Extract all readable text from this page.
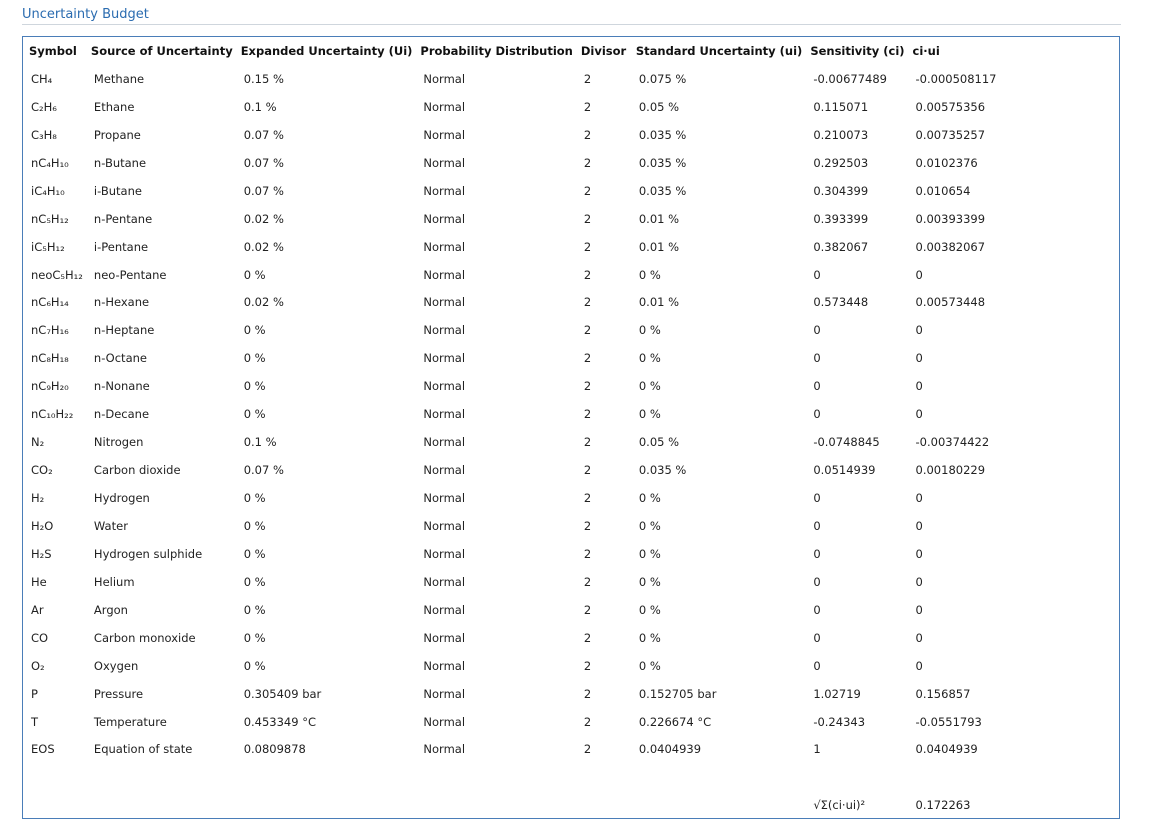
Uncertainty Budget
Symbol	Source of Uncertainty	Expanded Uncertainty (Ui)	Probability Distribution	Divisor	Standard Uncertainty (ui)	Sensitivity (ci)	ci·ui
CH₄	Methane	0.15 %	Normal	2	0.075 %	-0.00677489	-0.000508117
C₂H₆	Ethane	0.1 %	Normal	2	0.05 %	0.115071	0.00575356
C₃H₈	Propane	0.07 %	Normal	2	0.035 %	0.210073	0.00735257
nC₄H₁₀	n-Butane	0.07 %	Normal	2	0.035 %	0.292503	0.0102376
iC₄H₁₀	i-Butane	0.07 %	Normal	2	0.035 %	0.304399	0.010654
nC₅H₁₂	n-Pentane	0.02 %	Normal	2	0.01 %	0.393399	0.00393399
iC₅H₁₂	i-Pentane	0.02 %	Normal	2	0.01 %	0.382067	0.00382067
neoC₅H₁₂	neo-Pentane	0 %	Normal	2	0 %	0	0
nC₆H₁₄	n-Hexane	0.02 %	Normal	2	0.01 %	0.573448	0.00573448
nC₇H₁₆	n-Heptane	0 %	Normal	2	0 %	0	0
nC₈H₁₈	n-Octane	0 %	Normal	2	0 %	0	0
nC₉H₂₀	n-Nonane	0 %	Normal	2	0 %	0	0
nC₁₀H₂₂	n-Decane	0 %	Normal	2	0 %	0	0
N₂	Nitrogen	0.1 %	Normal	2	0.05 %	-0.0748845	-0.00374422
CO₂	Carbon dioxide	0.07 %	Normal	2	0.035 %	0.0514939	0.00180229
H₂	Hydrogen	0 %	Normal	2	0 %	0	0
H₂O	Water	0 %	Normal	2	0 %	0	0
H₂S	Hydrogen sulphide	0 %	Normal	2	0 %	0	0
He	Helium	0 %	Normal	2	0 %	0	0
Ar	Argon	0 %	Normal	2	0 %	0	0
CO	Carbon monoxide	0 %	Normal	2	0 %	0	0
O₂	Oxygen	0 %	Normal	2	0 %	0	0
P	Pressure	0.305409 bar	Normal	2	0.152705 bar	1.02719	0.156857
T	Temperature	0.453349 °C	Normal	2	0.226674 °C	-0.24343	-0.0551793
EOS	Equation of state	0.0809878	Normal	2	0.0404939	1	0.0404939

						√Σ(ci·ui)²	0.172263
